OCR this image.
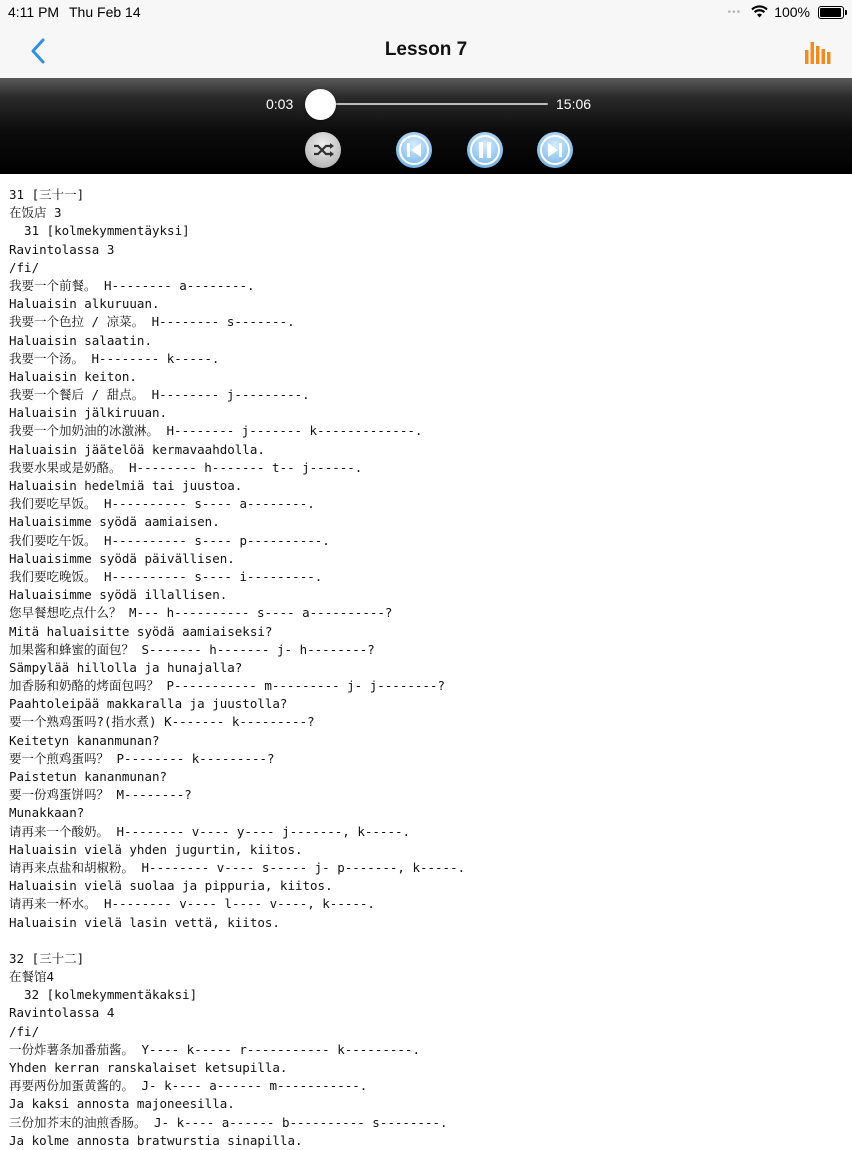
4:11 PM Thu Feb 14	••• 100%
Lesson 7
0:03	15:06
31 [三十一]
在饭店 3
31 [kolmekymmentäyksi]
Ravintolassa 3
/fi/
我要一个前餐。 H-------- a--------.
Haluaisin alkuruuan.
我要一个色拉 / 凉菜。 H-------- s-------.
Haluaisin salaatin.
我要一个汤。 H-------- k-----.
Haluaisin keiton.
我要一个餐后 / 甜点。 H-------- j---------.
Haluaisin jälkiruuan.
我要一个加奶油的冰激淋。 H-------- j------- k-------------.
Haluaisin jäätelöä kermavaahdolla.
我要水果或是奶酪。 H-------- h------- t-- j------.
Haluaisin hedelmiä tai juustoa.
我们要吃早饭。 H---------- s---- a--------.
Haluaisimme syödä aamiaisen.
我们要吃午饭。 H---------- s---- p----------.
Haluaisimme syödä päivällisen.
我们要吃晚饭。 H---------- s---- i---------.
Haluaisimme syödä illallisen.
您早餐想吃点什么？ M--- h---------- s---- a----------?
Mitä haluaisitte syödä aamiaiseksi?
加果酱和蜂蜜的面包？ S------- h------- j- h--------?
Sämpylää hillolla ja hunajalla?
加香肠和奶酪的烤面包吗？ P----------- m--------- j- j--------?
Paahtoleipää makkaralla ja juustolla?
要一个熟鸡蛋吗?(指水煮) K------- k---------?
Keitetyn kananmunan?
要一个煎鸡蛋吗？ P-------- k---------?
Paistetun kananmunan?
要一份鸡蛋饼吗？ M--------?
Munakkaan?
请再来一个酸奶。 H-------- v---- y---- j-------, k-----.
Haluaisin vielä yhden jugurtin, kiitos.
请再来点盐和胡椒粉。 H-------- v---- s----- j- p-------, k-----.
Haluaisin vielä suolaa ja pippuria, kiitos.
请再来一杯水。 H-------- v---- l---- v----, k-----.
Haluaisin vielä lasin vettä, kiitos.
32 [三十二]
在餐馆4
32 [kolmekymmentäkaksi]
Ravintolassa 4
/fi/
一份炸薯条加番茄酱。 Y---- k----- r----------- k---------.
Yhden kerran ranskalaiset ketsupilla.
再要两份加蛋黄酱的。 J- k---- a------ m-----------.
Ja kaksi annosta majoneesilla.
三份加芥末的油煎香肠。 J- k---- a------ b---------- s--------.
Ja kolme annosta bratwurstia sinapilla.
